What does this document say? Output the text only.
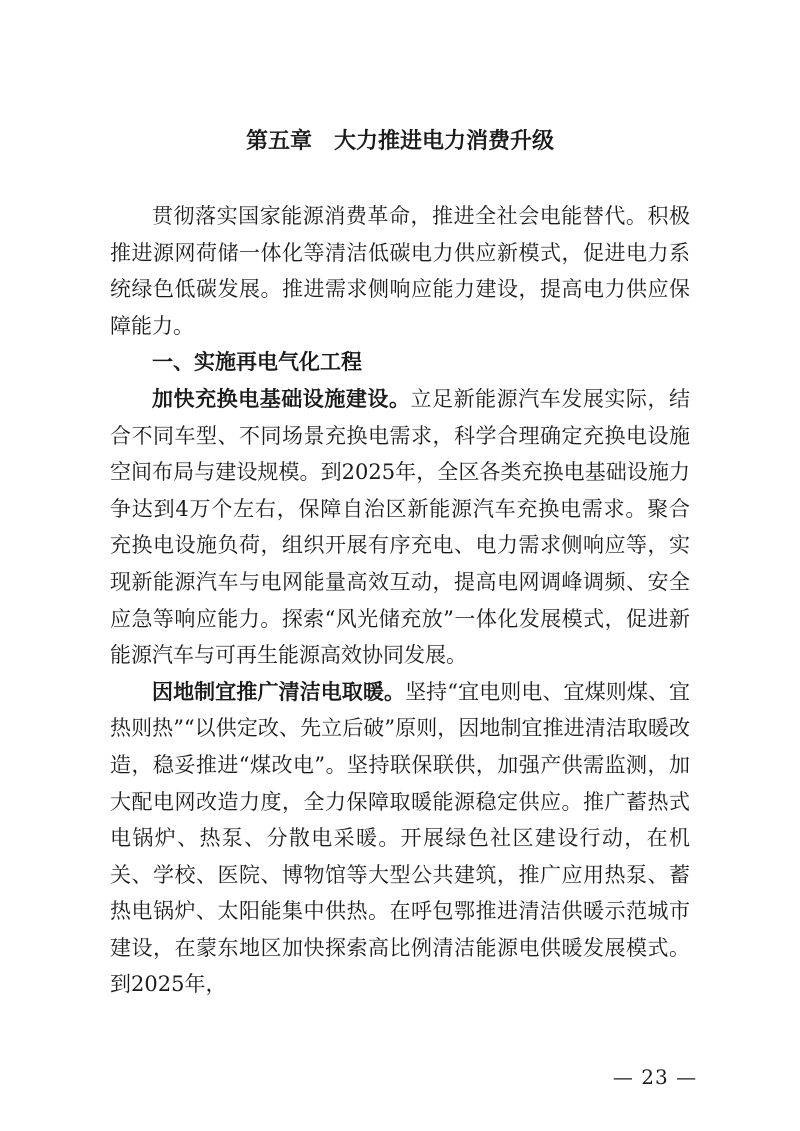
第五章　大力推进电力消费升级

贯彻落实国家能源消费革命，推进全社会电能替代。积极推进源网荷储一体化等清洁低碳电力供应新模式，促进电力系统绿色低碳发展。推进需求侧响应能力建设，提高电力供应保障能力。

一、实施再电气化工程

加快充换电基础设施建设。立足新能源汽车发展实际，结合不同车型、不同场景充换电需求，科学合理确定充换电设施空间布局与建设规模。到2025年，全区各类充换电基础设施力争达到4万个左右，保障自治区新能源汽车充换电需求。聚合充换电设施负荷，组织开展有序充电、电力需求侧响应等，实现新能源汽车与电网能量高效互动，提高电网调峰调频、安全应急等响应能力。探索“风光储充放”一体化发展模式，促进新能源汽车与可再生能源高效协同发展。

因地制宜推广清洁电取暖。坚持“宜电则电、宜煤则煤、宜热则热”“以供定改、先立后破”原则，因地制宜推进清洁取暖改造，稳妥推进“煤改电”。坚持联保联供，加强产供需监测，加大配电网改造力度，全力保障取暖能源稳定供应。推广蓄热式电锅炉、热泵、分散电采暖。开展绿色社区建设行动，在机关、学校、医院、博物馆等大型公共建筑，推广应用热泵、蓄热电锅炉、太阳能集中供热。在呼包鄂推进清洁供暖示范城市建设，在蒙东地区加快探索高比例清洁能源电供暖发展模式。到2025年，

— 23 —
